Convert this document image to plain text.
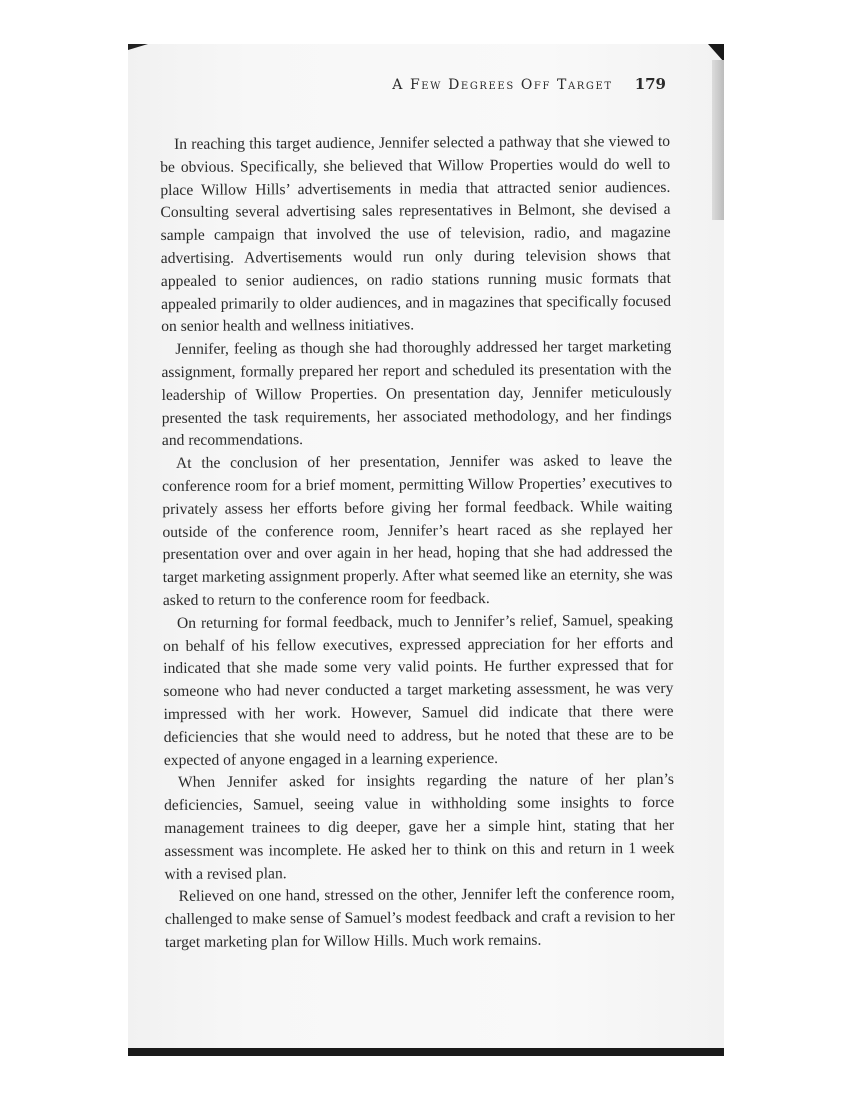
A Few Degrees Off Target 179

In reaching this target audience, Jennifer selected a pathway that she viewed to be obvious. Specifically, she believed that Willow Properties would do well to place Willow Hills’ advertisements in media that attracted senior audiences. Consulting several advertising sales representatives in Belmont, she devised a sample campaign that involved the use of television, radio, and magazine advertising. Advertisements would run only during television shows that appealed to senior audiences, on radio stations running music formats that appealed primarily to older audiences, and in magazines that specifically focused on senior health and wellness initiatives.

Jennifer, feeling as though she had thoroughly addressed her target marketing assignment, formally prepared her report and scheduled its presentation with the leadership of Willow Properties. On presentation day, Jennifer meticulously presented the task requirements, her associated methodology, and her findings and recommendations.

At the conclusion of her presentation, Jennifer was asked to leave the conference room for a brief moment, permitting Willow Properties’ executives to privately assess her efforts before giving her formal feedback. While waiting outside of the conference room, Jennifer’s heart raced as she replayed her presentation over and over again in her head, hoping that she had addressed the target marketing assignment properly. After what seemed like an eternity, she was asked to return to the conference room for feedback.

On returning for formal feedback, much to Jennifer’s relief, Samuel, speaking on behalf of his fellow executives, expressed appreciation for her efforts and indicated that she made some very valid points. He further expressed that for someone who had never conducted a target marketing assessment, he was very impressed with her work. However, Samuel did indicate that there were deficiencies that she would need to address, but he noted that these are to be expected of anyone engaged in a learning experience.

When Jennifer asked for insights regarding the nature of her plan’s deficiencies, Samuel, seeing value in withholding some insights to force management trainees to dig deeper, gave her a simple hint, stating that her assessment was incomplete. He asked her to think on this and return in 1 week with a revised plan.

Relieved on one hand, stressed on the other, Jennifer left the conference room, challenged to make sense of Samuel’s modest feedback and craft a revision to her target marketing plan for Willow Hills. Much work remains.
